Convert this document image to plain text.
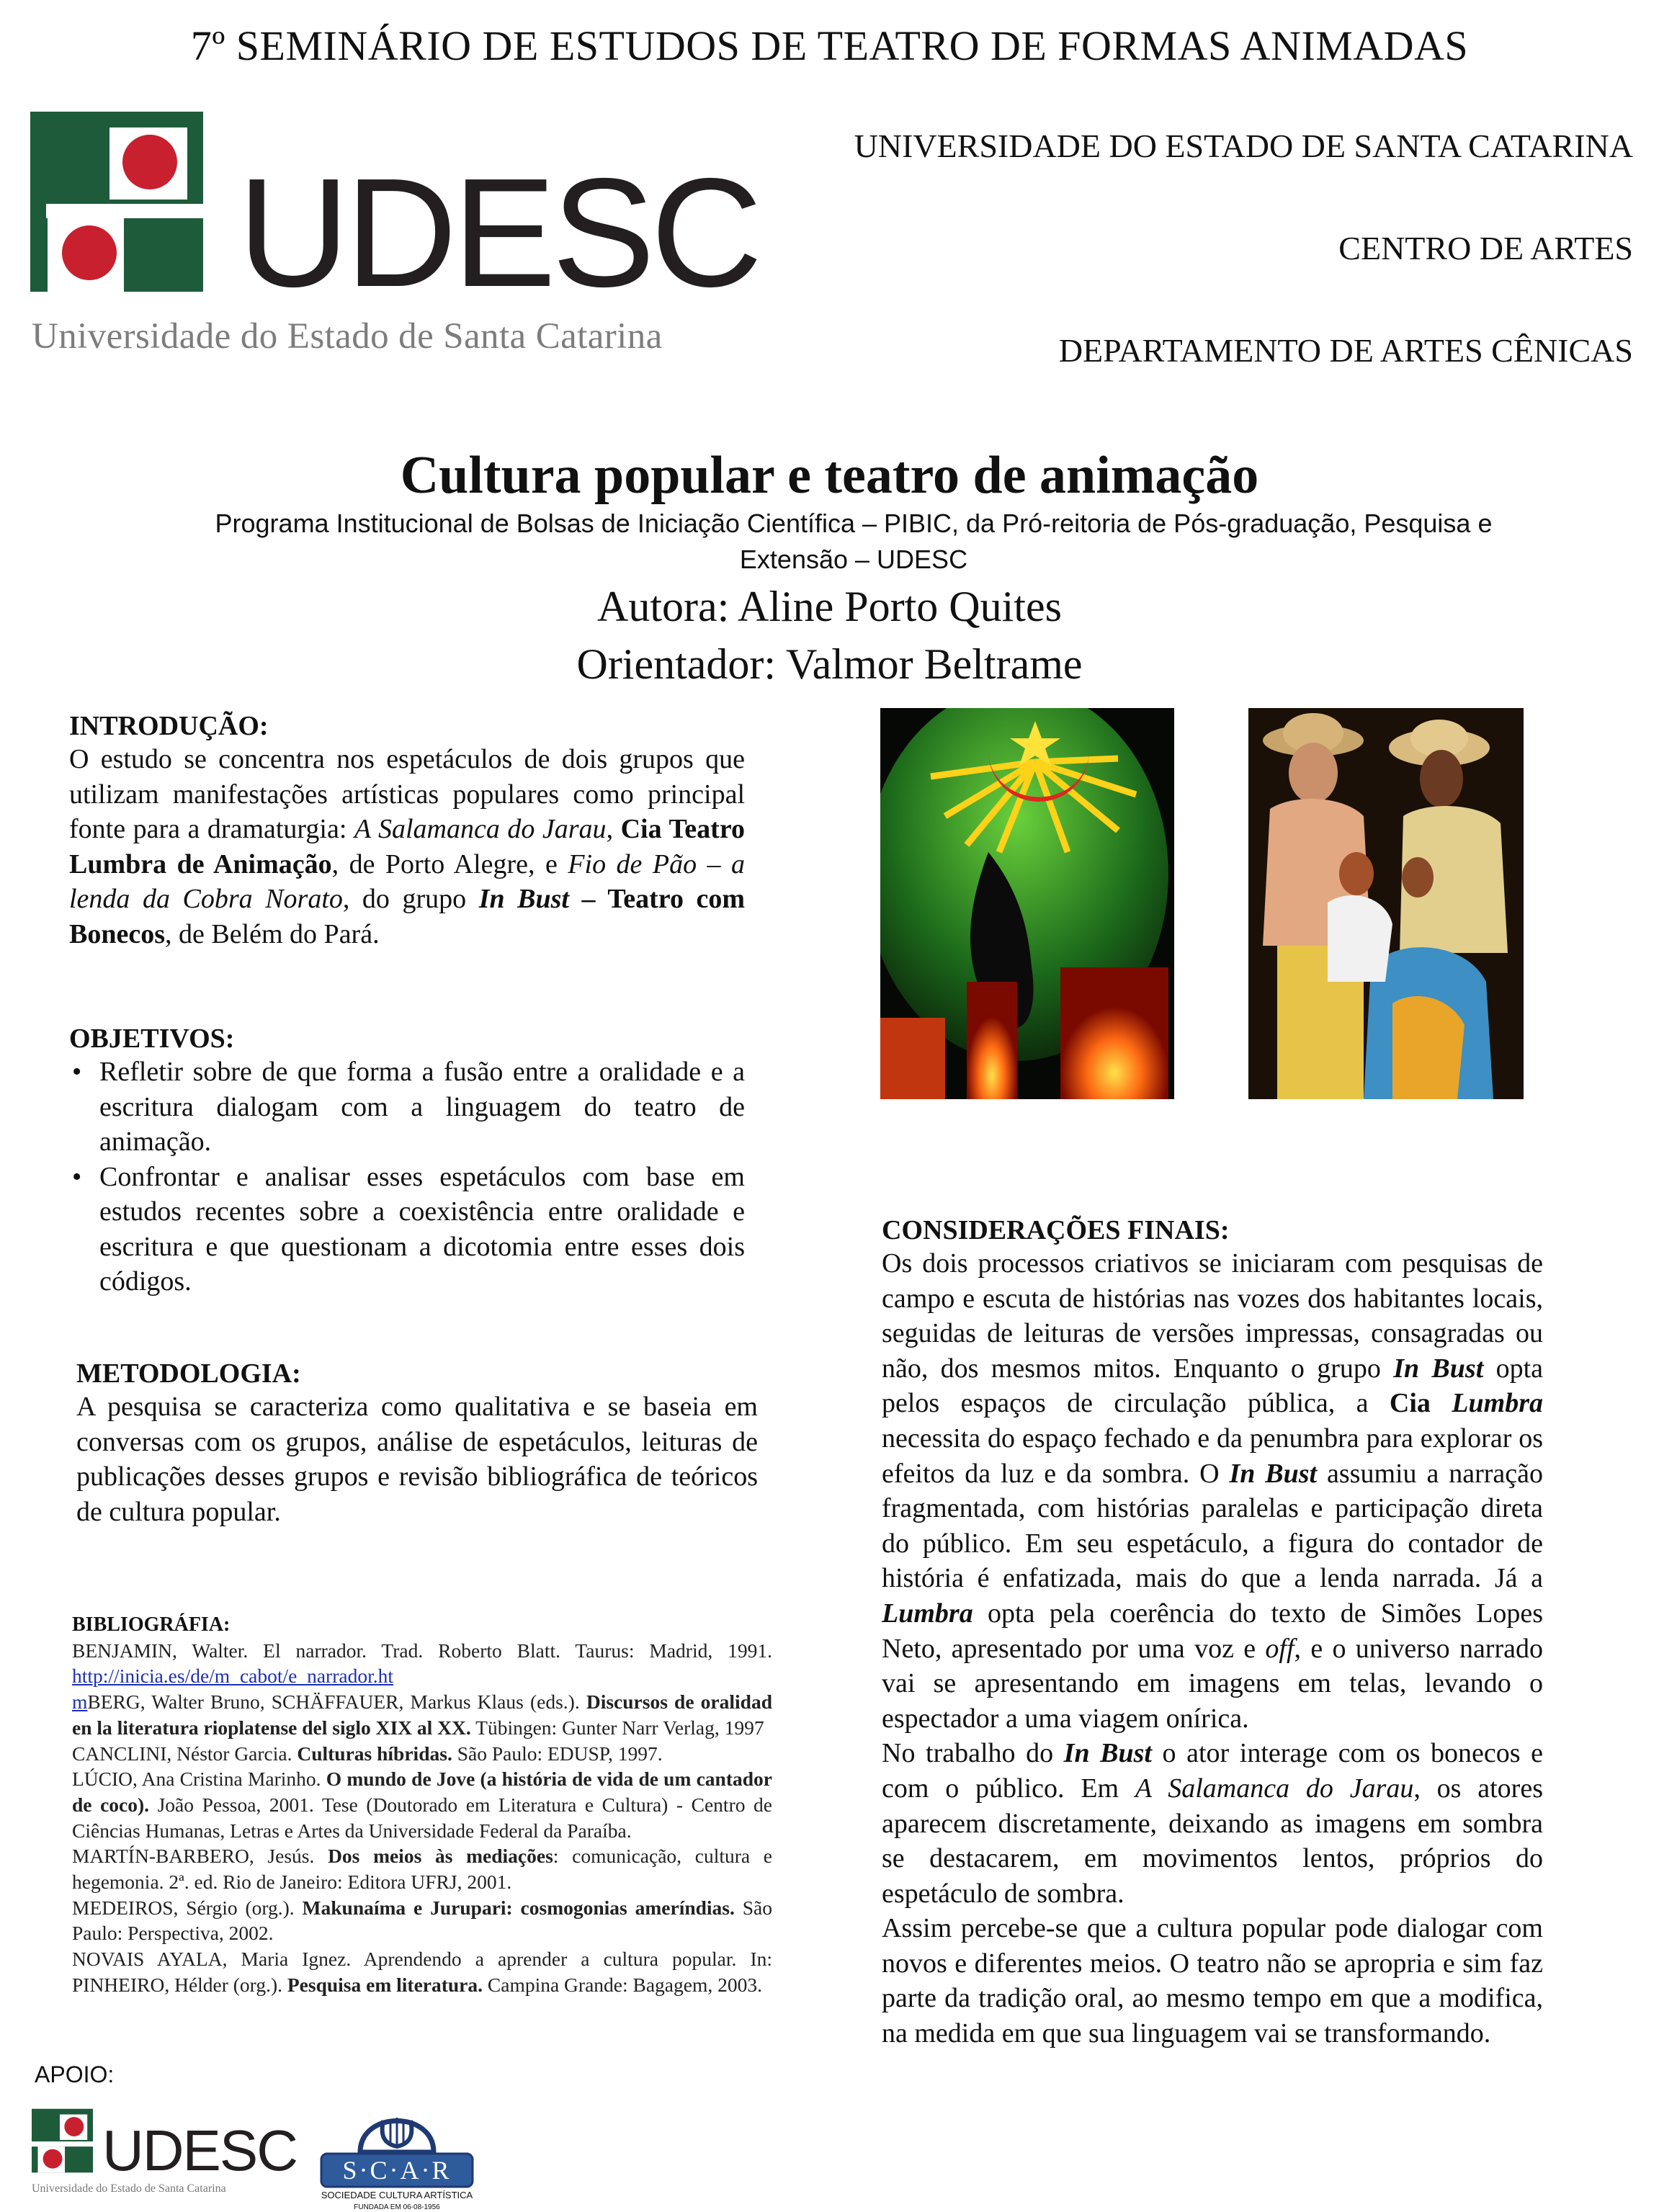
7º SEMINÁRIO DE ESTUDOS DE TEATRO DE FORMAS ANIMADAS
UDESC
Universidade do Estado de Santa Catarina
UNIVERSIDADE DO ESTADO DE SANTA CATARINA
CENTRO DE ARTES
DEPARTAMENTO DE ARTES CÊNICAS
Cultura popular e teatro de animação
Programa Institucional de Bolsas de Iniciação Científica – PIBIC, da Pró-reitoria de Pós-graduação, Pesquisa e
Extensão – UDESC
Autora: Aline Porto Quites
Orientador: Valmor Beltrame
INTRODUÇÃO:
O estudo se concentra nos espetáculos de dois grupos que utilizam manifestações artísticas populares como principal fonte para a dramaturgia: A Salamanca do Jarau, Cia Teatro Lumbra de Animação, de Porto Alegre, e Fio de Pão – a lenda da Cobra Norato, do grupo In Bust – Teatro com Bonecos, de Belém do Pará.
OBJETIVOS:
• Refletir sobre de que forma a fusão entre a oralidade e a escritura dialogam com a linguagem do teatro de animação.
• Confrontar e analisar esses espetáculos com base em estudos recentes sobre a coexistência entre oralidade e escritura e que questionam a dicotomia entre esses dois códigos.
METODOLOGIA:
A pesquisa se caracteriza como qualitativa e se baseia em conversas com os grupos, análise de espetáculos, leituras de publicações desses grupos e revisão bibliográfica de teóricos de cultura popular.
BIBLIOGRÁFIA:
BENJAMIN, Walter. El narrador. Trad. Roberto Blatt. Taurus: Madrid, 1991. http://inicia.es/de/m_cabot/e_narrador.ht
mBERG, Walter Bruno, SCHÄFFAUER, Markus Klaus (eds.). Discursos de oralidad en la literatura rioplatense del siglo XIX al XX. Tübingen: Gunter Narr Verlag, 1997
CANCLINI, Néstor Garcia. Culturas híbridas. São Paulo: EDUSP, 1997.
LÚCIO, Ana Cristina Marinho. O mundo de Jove (a história de vida de um cantador de coco). João Pessoa, 2001. Tese (Doutorado em Literatura e Cultura) - Centro de Ciências Humanas, Letras e Artes da Universidade Federal da Paraíba.
MARTÍN-BARBERO, Jesús. Dos meios às mediações: comunicação, cultura e hegemonia. 2ª. ed. Rio de Janeiro: Editora UFRJ, 2001.
MEDEIROS, Sérgio (org.). Makunaíma e Jurupari: cosmogonias ameríndias. São Paulo: Perspectiva, 2002.
NOVAIS AYALA, Maria Ignez. Aprendendo a aprender a cultura popular. In: PINHEIRO, Hélder (org.). Pesquisa em literatura. Campina Grande: Bagagem, 2003.
APOIO:
UDESC
Universidade do Estado de Santa Catarina
S·C·A·R
SOCIEDADE CULTURA ARTÍSTICA
FUNDADA EM 06-08-1956
CONSIDERAÇÕES FINAIS:
Os dois processos criativos se iniciaram com pesquisas de campo e escuta de histórias nas vozes dos habitantes locais, seguidas de leituras de versões impressas, consagradas ou não, dos mesmos mitos. Enquanto o grupo In Bust opta pelos espaços de circulação pública, a Cia Lumbra necessita do espaço fechado e da penumbra para explorar os efeitos da luz e da sombra. O In Bust assumiu a narração fragmentada, com histórias paralelas e participação direta do público. Em seu espetáculo, a figura do contador de história é enfatizada, mais do que a lenda narrada. Já a Lumbra opta pela coerência do texto de Simões Lopes Neto, apresentado por uma voz e off, e o universo narrado vai se apresentando em imagens em telas, levando o espectador a uma viagem onírica.
No trabalho do In Bust o ator interage com os bonecos e com o público. Em A Salamanca do Jarau, os atores aparecem discretamente, deixando as imagens em sombra se destacarem, em movimentos lentos, próprios do espetáculo de sombra.
Assim percebe-se que a cultura popular pode dialogar com novos e diferentes meios. O teatro não se apropria e sim faz parte da tradição oral, ao mesmo tempo em que a modifica, na medida em que sua linguagem vai se transformando.
